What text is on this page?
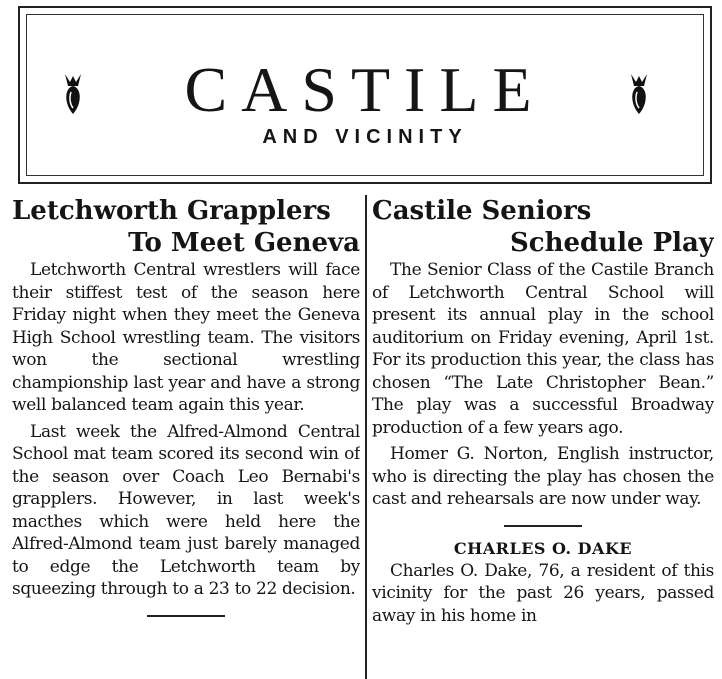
CASTILE
AND VICINITY
Letchworth Grapplers
To Meet Geneva

Letchworth Central wrestlers will face their stiffest test of the season here Friday night when they meet the Geneva High School wrestling team. The visitors won the sectional wrestling championship last year and have a strong well balanced team again this year.

Last week the Alfred-Almond Central School mat team scored its second win of the season over Coach Leo Bernabi's grapplers. However, in last week's macthes which were held here the Alfred-Almond team just barely managed to edge the Letchworth team by squeezing through to a 23 to 22 decision.

Castile Seniors
Schedule Play

The Senior Class of the Castile Branch of Letchworth Central School will present its annual play in the school auditorium on Friday evening, April 1st. For its production this year, the class has chosen “The Late Christopher Bean.” The play was a successful Broadway production of a few years ago.

Homer G. Norton, English instructor, who is directing the play has chosen the cast and rehearsals are now under way.

CHARLES O. DAKE

Charles O. Dake, 76, a resident of this vicinity for the past 26 years, passed away in his home in
